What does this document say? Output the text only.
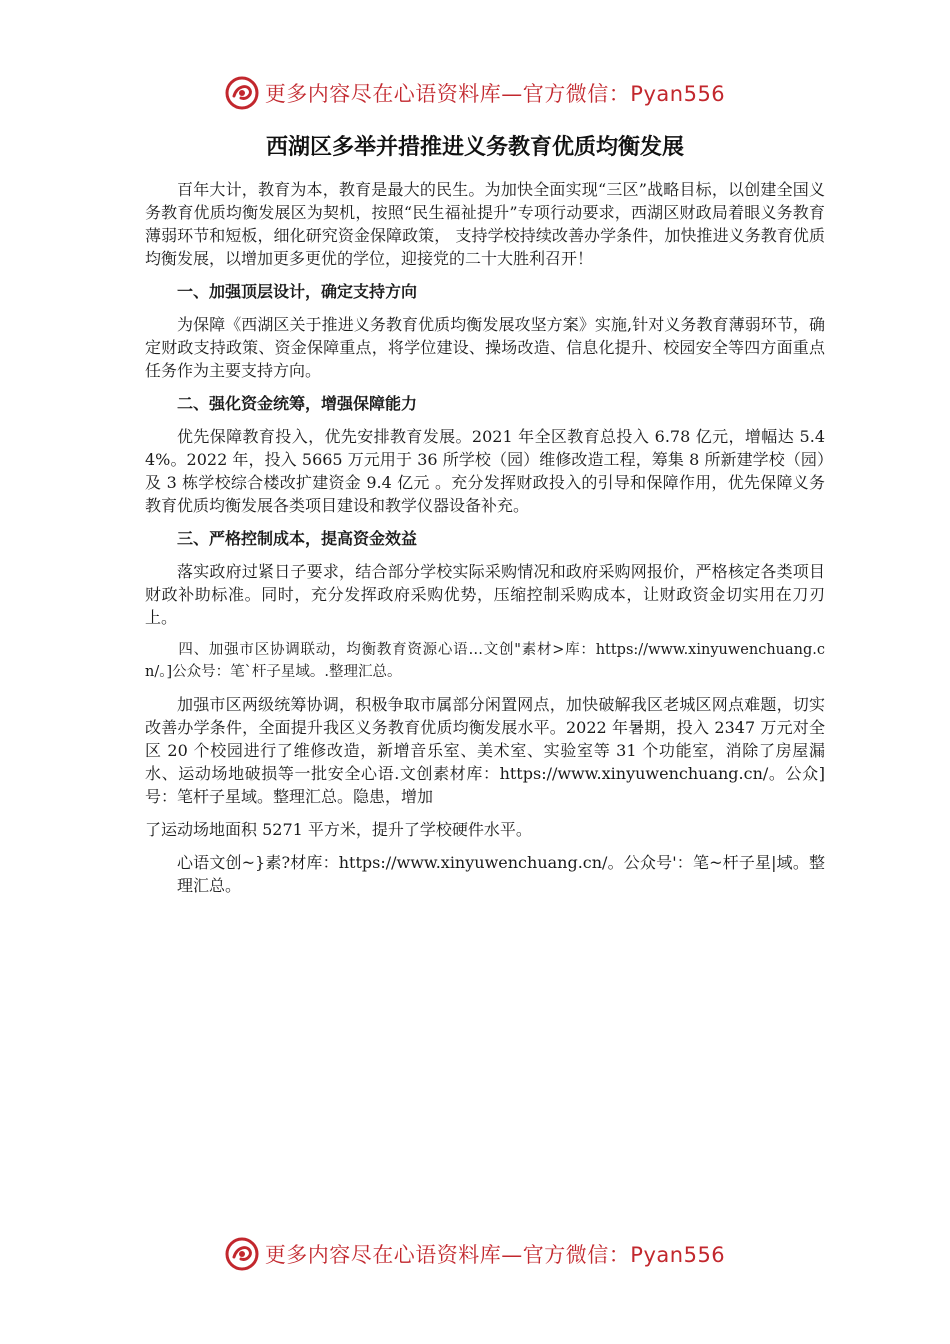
更多内容尽在心语资料库—官方微信：Pyan556
西湖区多举并措推进义务教育优质均衡发展

百年大计，教育为本，教育是最大的民生。为加快全面实现“三区”战略目标，以创建全国义务教育优质均衡发展区为契机，按照“民生福祉提升”专项行动要求，西湖区财政局着眼义务教育薄弱环节和短板，细化研究资金保障政策， 支持学校持续改善办学条件，加快推进义务教育优质均衡发展，以增加更多更优的学位，迎接党的二十大胜利召开！

一、加强顶层设计，确定支持方向

为保障《西湖区关于推进义务教育优质均衡发展攻坚方案》实施,针对义务教育薄弱环节，确定财政支持政策、资金保障重点，将学位建设、操场改造、信息化提升、校园安全等四方面重点任务作为主要支持方向。

二、强化资金统筹，增强保障能力

优先保障教育投入，优先安排教育发展。2021 年全区教育总投入 6.78 亿元，增幅达 5.44%。2022 年，投入 5665 万元用于 36 所学校（园）维修改造工程，筹集 8 所新建学校（园）及 3 栋学校综合楼改扩建资金 9.4 亿元 。充分发挥财政投入的引导和保障作用，优先保障义务教育优质均衡发展各类项目建设和教学仪器设备补充。

三、严格控制成本，提高资金效益

落实政府过紧日子要求，结合部分学校实际采购情况和政府采购网报价，严格核定各类项目财政补助标准。同时，充分发挥政府采购优势，压缩控制采购成本，让财政资金切实用在刀刃上。

四、加强市区协调联动，均衡教育资源心语…文创"素材>库：https://www.xinyuwenchuang.cn/。]公众号：笔`杆子星域。.整理汇总。

加强市区两级统筹协调，积极争取市属部分闲置网点，加快破解我区老城区网点难题，切实改善办学条件，全面提升我区义务教育优质均衡发展水平。2022 年暑期，投入 2347 万元对全区 20 个校园进行了维修改造，新增音乐室、美术室、实验室等 31 个功能室，消除了房屋漏水、运动场地破损等一批安全心语.文创素材库：https://www.xinyuwenchuang.cn/。公众]号：笔杆子星域。整理汇总。隐患，增加

了运动场地面积 5271 平方米，提升了学校硬件水平。

心语文创~}素?材库：https://www.xinyuwenchuang.cn/。公众号'：笔~杆子星|域。整理汇总。

更多内容尽在心语资料库—官方微信：Pyan556
